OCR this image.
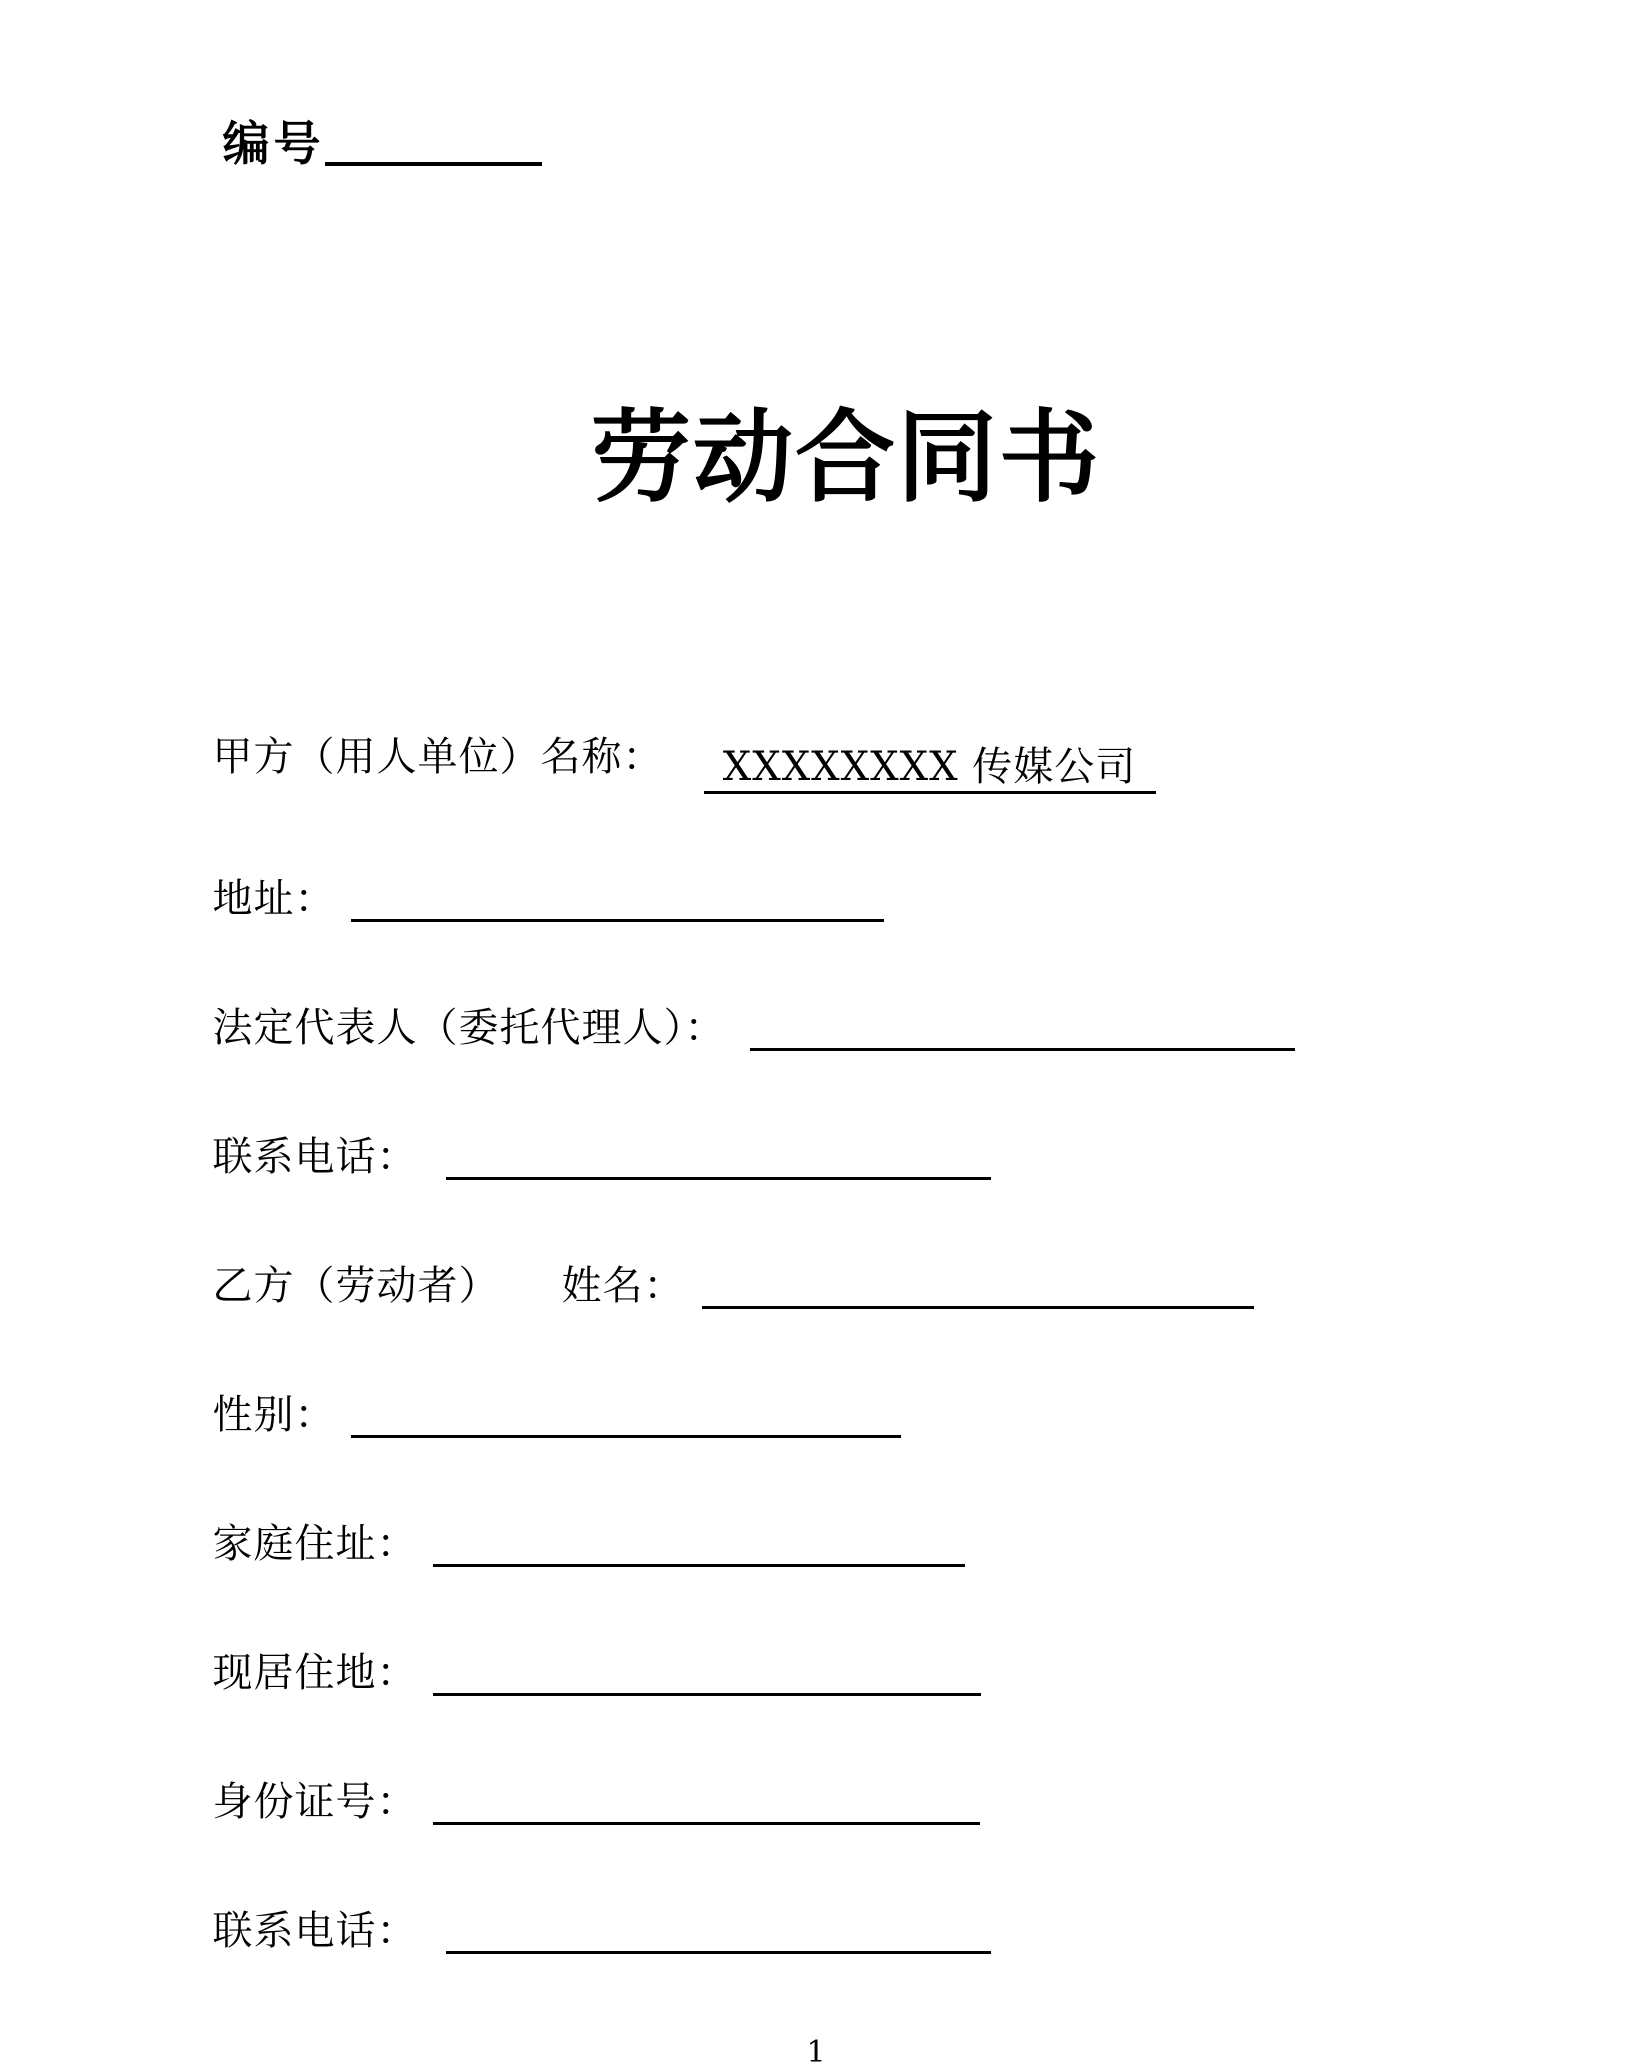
编号
劳动合同书
甲方（用人单位）名称：	XXXXXXXX 传媒公司
地址：
法定代表人（委托代理人）：
联系电话：
乙方（劳动者） 姓名：
性别：
家庭住址：
现居住地：
身份证号：
联系电话：
1
